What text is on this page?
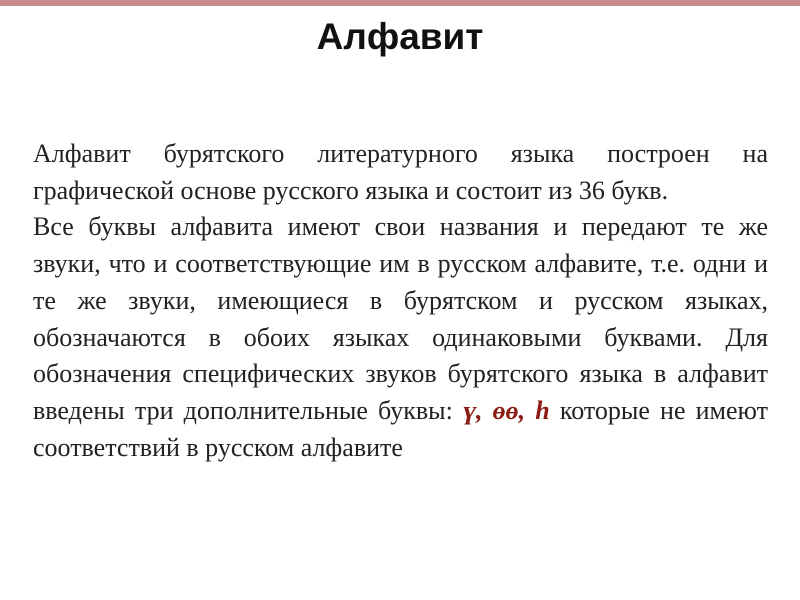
Алфавит

Алфавит бурятского литературного языка построен на графической основе русского языка и состоит из 36 букв.

Все буквы алфавита имеют свои названия и передают те же звуки, что и соответствующие им в русском алфавите, т.е. одни и те же звуки, имеющиеся в бурятском и русском языках, обозначаются в обоих языках одинаковыми буквами. Для обозначения специфических звуков бурятского языка в алфавит введены три дополнительные буквы: ү, өө, һ которые не имеют соответствий в русском алфавите
